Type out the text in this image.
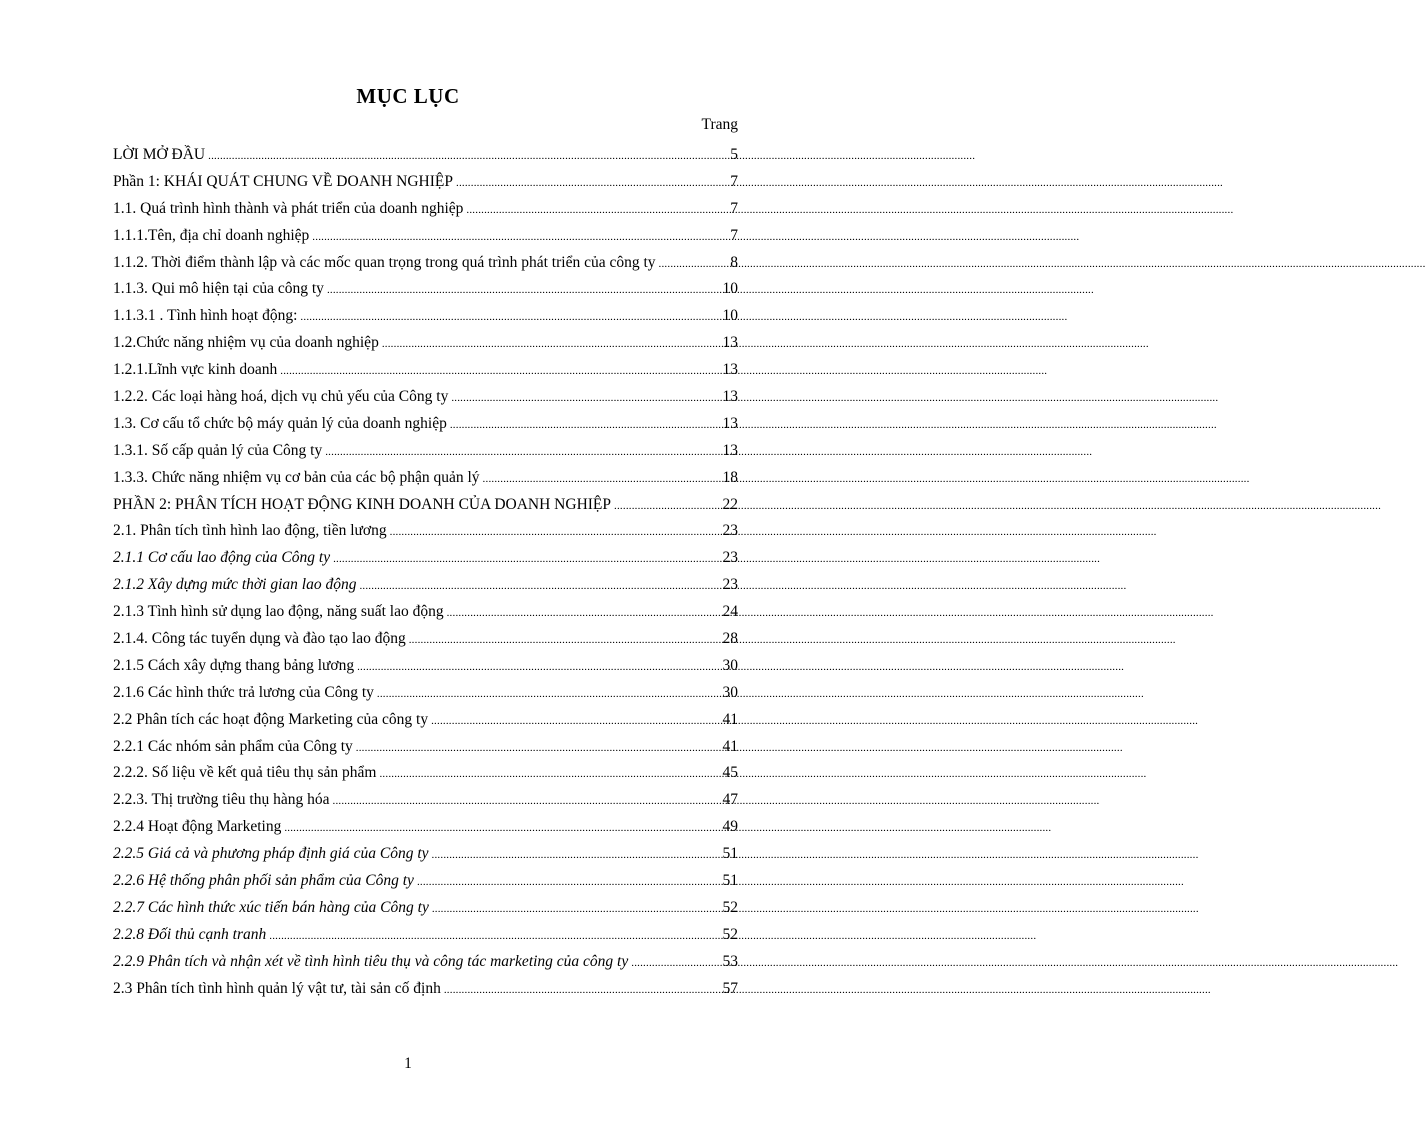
MỤC LỤC
Trang
LỜI MỞ ĐẦU .....	5
Phần 1: KHÁI QUÁT CHUNG VỀ DOANH NGHIỆP .....	7
1.1. Quá trình hình thành và phát triển của doanh nghiệp .....	7
1.1.1.Tên, địa chỉ doanh nghiệp .....	7
1.1.2. Thời điểm thành lập và các mốc quan trọng trong quá trình phát triển của công ty .....	8
1.1.3. Qui mô hiện tại của công ty .....	10
1.1.3.1 . Tình hình hoạt động: .....	10
1.2.Chức năng nhiệm vụ của doanh nghiệp .....	13
1.2.1.Lĩnh vực kinh doanh .....	13
1.2.2. Các loại hàng hoá, dịch vụ chủ yếu của Công ty .....	13
1.3. Cơ cấu tổ chức bộ máy quản lý của doanh nghiệp .....	13
1.3.1. Số cấp quản lý của Công ty .....	13
1.3.3. Chức năng nhiệm vụ cơ bản của các bộ phận quản lý .....	18
PHẦN 2: PHÂN TÍCH HOẠT ĐỘNG KINH DOANH CỦA DOANH NGHIỆP .....	22
2.1. Phân tích tình hình lao động, tiền lương .....	23
2.1.1 Cơ cấu lao động của Công ty .....	23
2.1.2 Xây dựng mức thời gian lao động .....	23
2.1.3 Tình hình sử dụng lao động, năng suất lao động .....	24
2.1.4. Công tác tuyển dụng và đào tạo lao động .....	28
2.1.5 Cách xây dựng thang bảng lương .....	30
2.1.6 Các hình thức trả lương của Công ty .....	30
2.2 Phân tích các hoạt động Marketing của công ty .....	41
2.2.1 Các nhóm sản phẩm của Công ty .....	41
2.2.2. Số liệu về kết quả tiêu thụ sản phẩm .....	45
2.2.3. Thị trường tiêu thụ hàng hóa .....	47
2.2.4 Hoạt động Marketing .....	49
2.2.5 Giá cả và phương pháp định giá của Công ty .....	51
2.2.6 Hệ thống phân phối sản phẩm của Công ty .....	51
2.2.7 Các hình thức xúc tiến bán hàng của Công ty .....	52
2.2.8 Đối thủ cạnh tranh .....	52
2.2.9 Phân tích và nhận xét về tình hình tiêu thụ và công tác marketing của công ty .....	53
2.3 Phân tích tình hình quản lý vật tư, tài sản cố định .....	57
1
